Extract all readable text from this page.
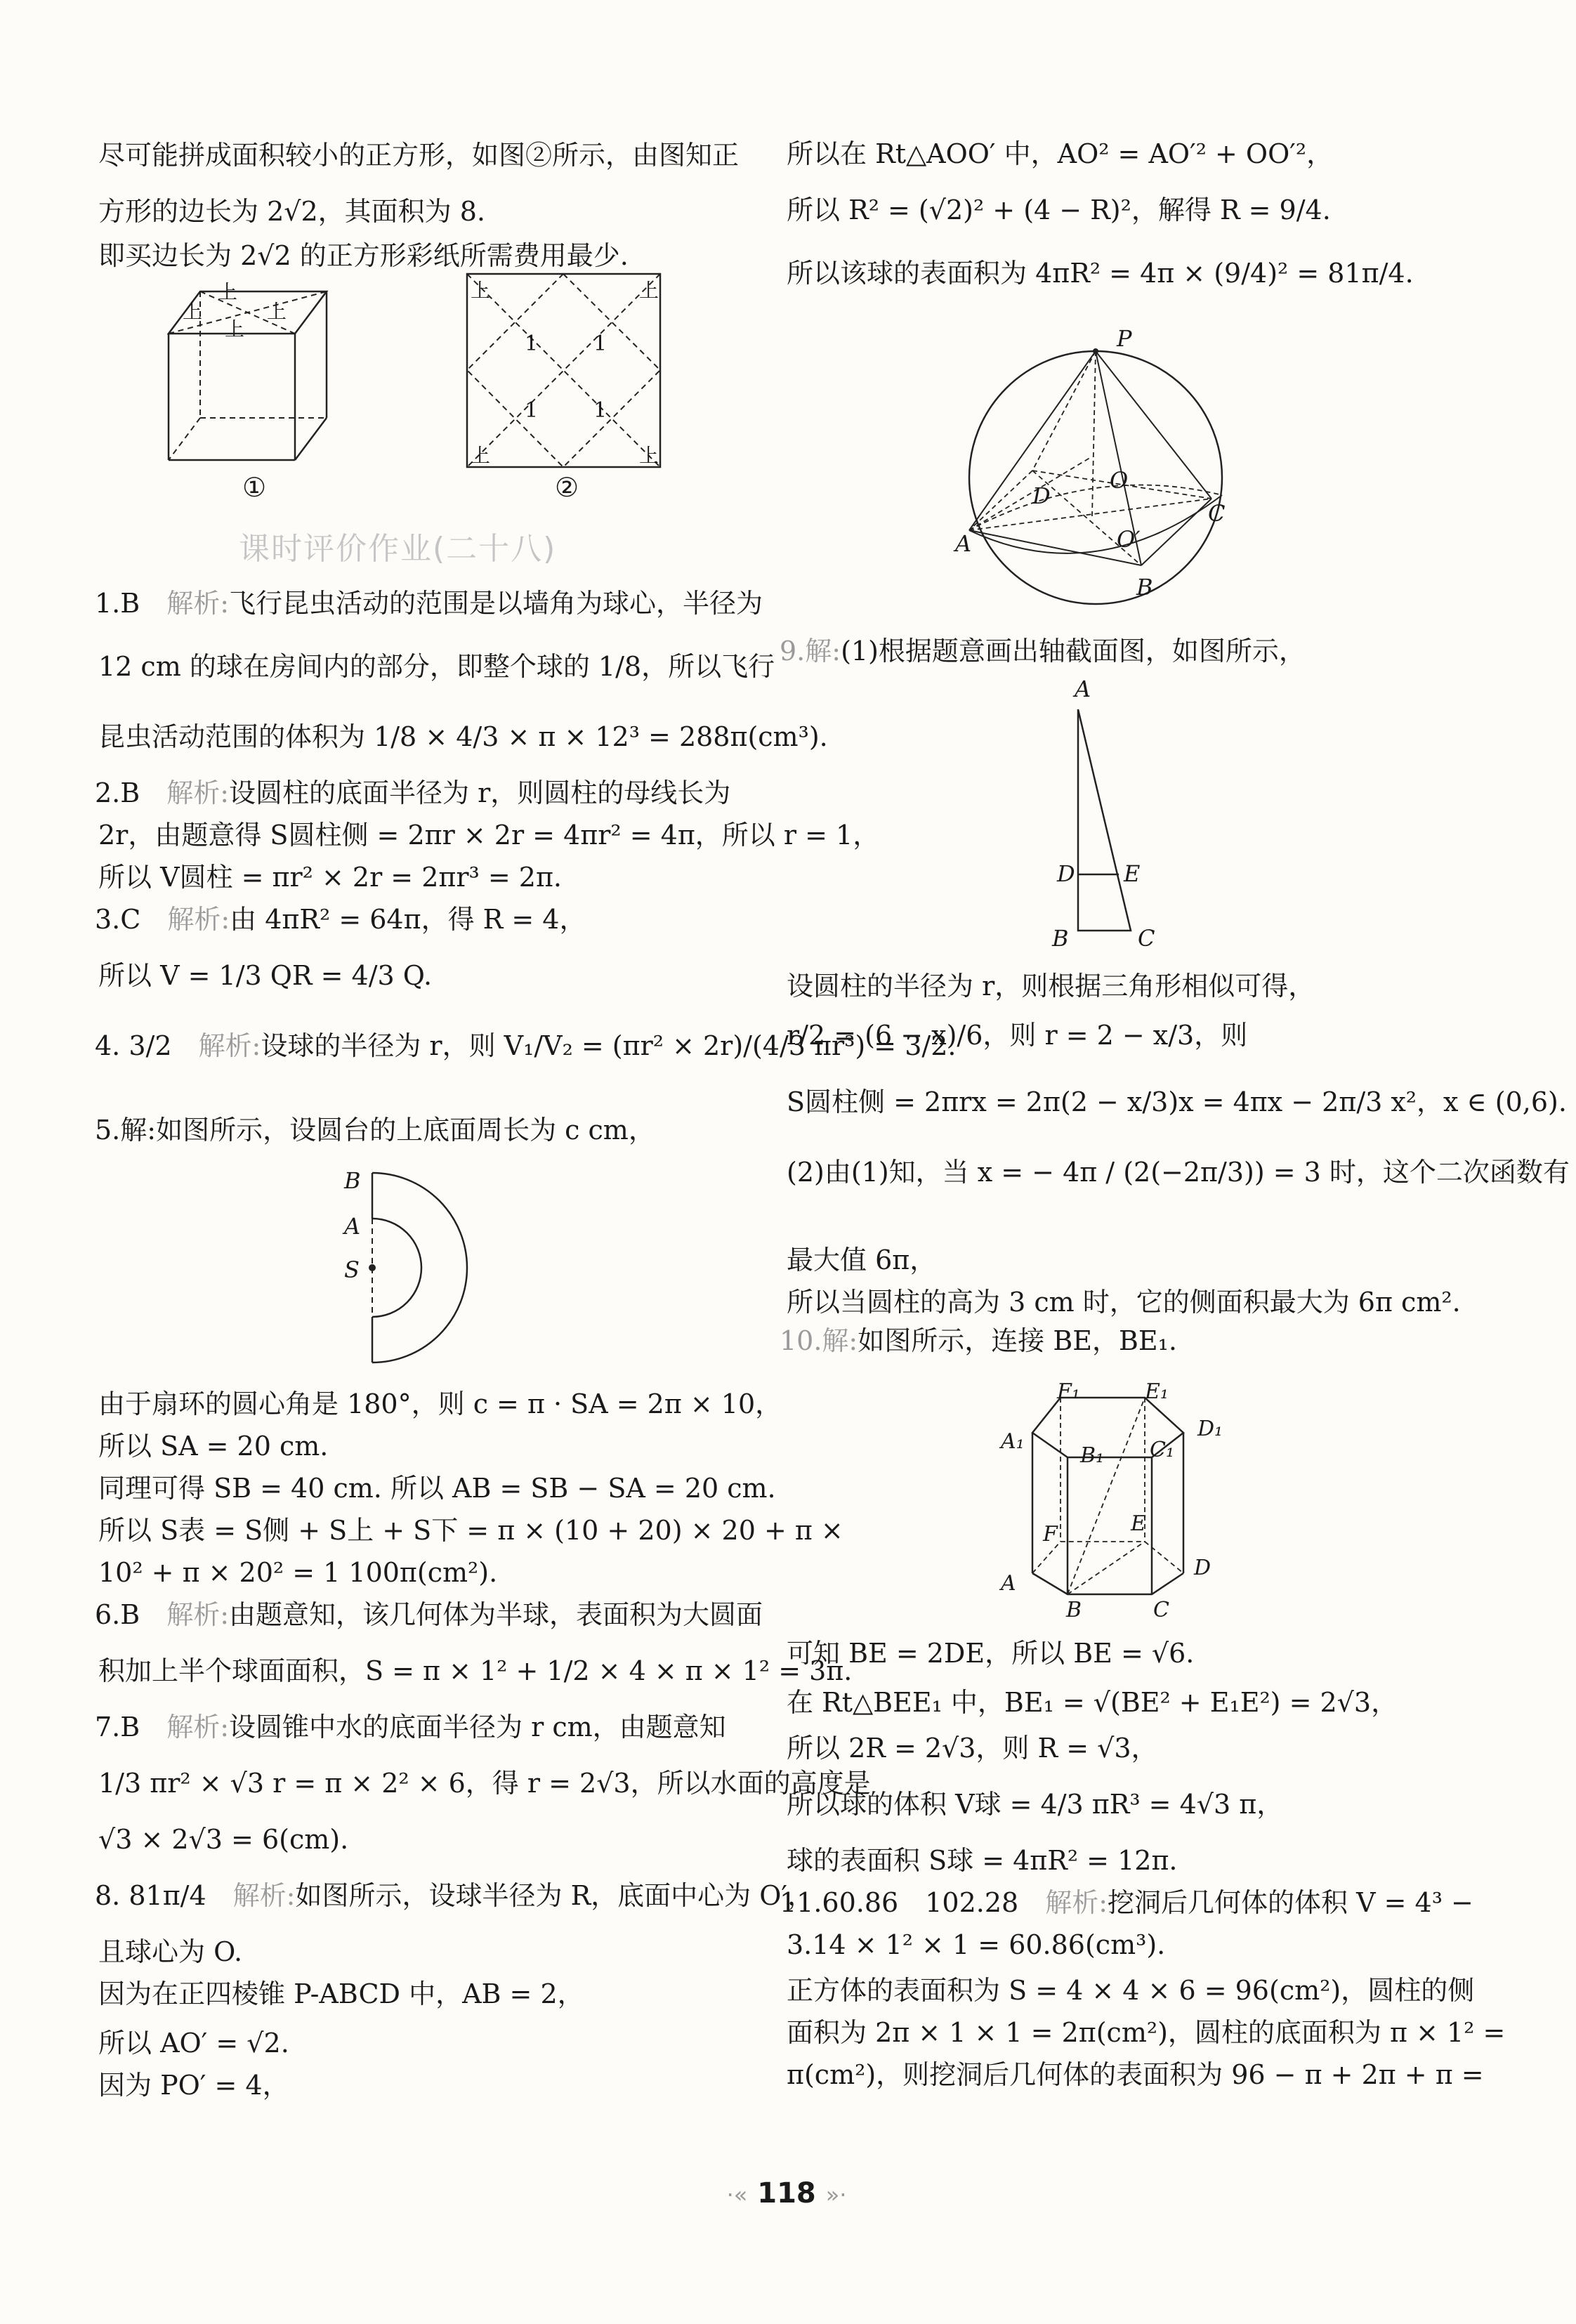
尽可能拼成面积较小的正方形，如图②所示，由图知正
方形的边长为 2√2，其面积为 8.
即买边长为 2√2 的正方形彩纸所需费用最少.
上
上	上
上
①
上	上
上	上
1	1
1	1
②
课时评价作业(二十八)
1.B　 解析:飞行昆虫活动的范围是以墙角为球心，半径为
12 cm 的球在房间内的部分，即整个球的 1/8，所以飞行
昆虫活动范围的体积为 1/8 × 4/3 × π × 12³ = 288π(cm³).
2.B　 解析:设圆柱的底面半径为 r，则圆柱的母线长为
2r，由题意得 S圆柱侧 = 2πr × 2r = 4πr² = 4π，所以 r = 1，
所以 V圆柱 = πr² × 2r = 2πr³ = 2π.
3.C　 解析:由 4πR² = 64π，得 R = 4，
所以 V = 1/3 QR = 4/3 Q.
4. 3/2　 解析:设球的半径为 r，则 V₁/V₂ = (πr² × 2r)/(4/3 πr³) = 3/2.
5.解:如图所示，设圆台的上底面周长为 c cm，
B
A
S
由于扇环的圆心角是 180°，则 c = π · SA = 2π × 10，
所以 SA = 20 cm.
同理可得 SB = 40 cm. 所以 AB = SB − SA = 20 cm.
所以 S表 = S侧 + S上 + S下 = π × (10 + 20) × 20 + π ×
10² + π × 20² = 1 100π(cm²).
6.B　 解析:由题意知，该几何体为半球，表面积为大圆面
积加上半个球面面积，S = π × 1² + 1/2 × 4 × π × 1² = 3π.
7.B　 解析:设圆锥中水的底面半径为 r cm，由题意知
1/3 πr² × √3 r = π × 2² × 6，得 r = 2√3，所以水面的高度是
√3 × 2√3 = 6(cm).
8. 81π/4　 解析:如图所示，设球半径为 R，底面中心为 O′，
且球心为 O.
因为在正四棱锥 P-ABCD 中，AB = 2，
所以 AO′ = √2.
因为 PO′ = 4，
所以在 Rt△AOO′ 中，AO² = AO′² + OO′²，
所以 R² = (√2)² + (4 − R)²，解得 R = 9/4.
所以该球的表面积为 4πR² = 4π × (9/4)² = 81π/4.
P
O
D
C
O′
A
B
9.解:(1)根据题意画出轴截面图，如图所示，
A
D E
B	C
设圆柱的半径为 r，则根据三角形相似可得，
r/2 = (6 − x)/6，则 r = 2 − x/3，则
S圆柱侧 = 2πrx = 2π(2 − x/3)x = 4πx − 2π/3 x²，x ∈ (0,6).
(2)由(1)知，当 x = − 4π / (2(−2π/3)) = 3 时，这个二次函数有
最大值 6π，
所以当圆柱的高为 3 cm 时，它的侧面积最大为 6π cm².
10.解:如图所示，连接 BE，BE₁.
F₁	E₁
D₁
A₁
B₁ C₁
F	E
A
B	C
D
可知 BE = 2DE，所以 BE = √6.
在 Rt△BEE₁ 中，BE₁ = √(BE² + E₁E²) = 2√3，
所以 2R = 2√3，则 R = √3，
所以球的体积 V球 = 4/3 πR³ = 4√3 π，
球的表面积 S球 = 4πR² = 12π.
11.60.86　102.28　 解析:挖洞后几何体的体积 V = 4³ −
3.14 × 1² × 1 = 60.86(cm³).
正方体的表面积为 S = 4 × 4 × 6 = 96(cm²)，圆柱的侧
面积为 2π × 1 × 1 = 2π(cm²)，圆柱的底面积为 π × 1² =
π(cm²)，则挖洞后几何体的表面积为 96 − π + 2π + π =
·« 118 »·
